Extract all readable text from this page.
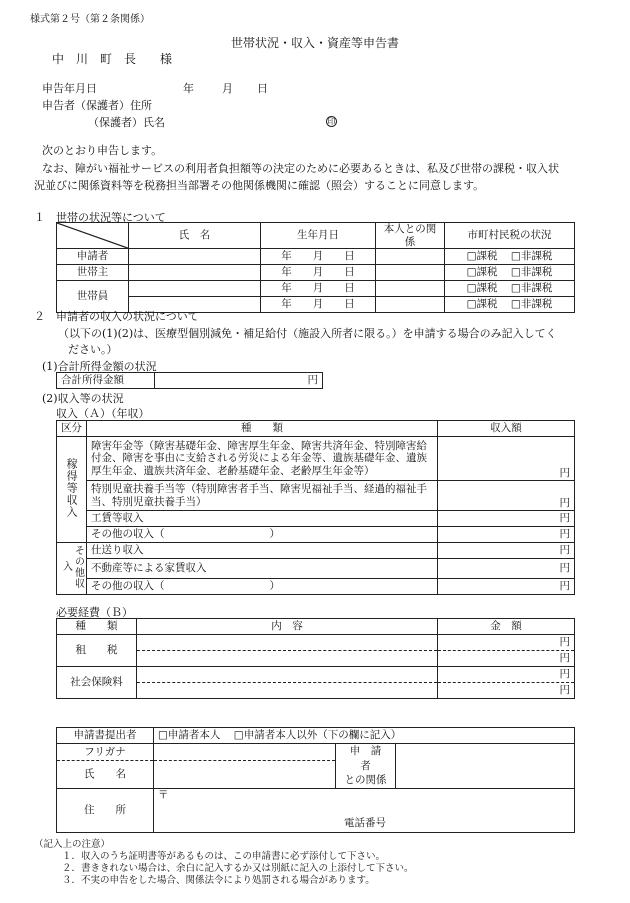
様式第２号（第２条関係）
世帯状況・収入・資産等申告書
中　川　町　長　　様
申告年月日	年	月 日
申告者（保護者）住所
（保護者）氏名	印
次のとおり申告します。
なお、障がい福祉サービスの利用者負担額等の決定のために必要あるときは、私及び世帯の課税・収入状
況並びに関係資料等を税務担当部署その他関係機関に確認（照会）することに同意します。
１　世帯の状況等について
	氏　名	生年月日	本人との関係	市町村民税の状況
申請者		年　　月　　日		□課税 □非課税
世帯主		年　　月　　日		□課税 □非課税
世帯員		年　　月　　日		□課税 □非課税
		年　　月　　日		□課税 □非課税
２　申請者の収入の状況について
（以下の(1)(2)は、医療型個別減免・補足給付（施設入所者に限る。）を申請する場合のみ記入してく
ださい。）
(1)合計所得金額の状況
合計所得金額	円
(2)収入等の状況
収入（Ａ）（年収）
区分	種　　類	収入額
稼得等収入	障害年金等（障害基礎年金、障害厚生年金、障害共済年金、特別障害給付金、障害を事由に支給される労災による年金等、遺族基礎年金、遺族厚生年金、遺族共済年金、老齢基礎年金、老齢厚生年金等）	円
	特別児童扶養手当等（特別障害者手当、障害児福祉手当、経過的福祉手当、特別児童扶養手当）	円
	工賃等収入	円
	その他の収入（　　　　　　　　　　）	円
その他収入	仕送り収入	円
	不動産等による家賃収入	円
	その他の収入（　　　　　　　　　　）	円
必要経費（Ｂ）
種　　類	内　容	金　額
租　　税		円
		円
社会保険料		円
		円
申請書提出者	□申請者本人 □申請者本人以外（下の欄に記入）		
フリガナ		申　請　者
との関係	
氏　　名			
住　　所	〒
電話番号		
（記入上の注意）
１．収入のうち証明書等があるものは、この申請書に必ず添付して下さい。
２．書ききれない場合は、余白に記入するか又は別紙に記入の上添付して下さい。
３．不実の申告をした場合、関係法令により処罰される場合があります。
